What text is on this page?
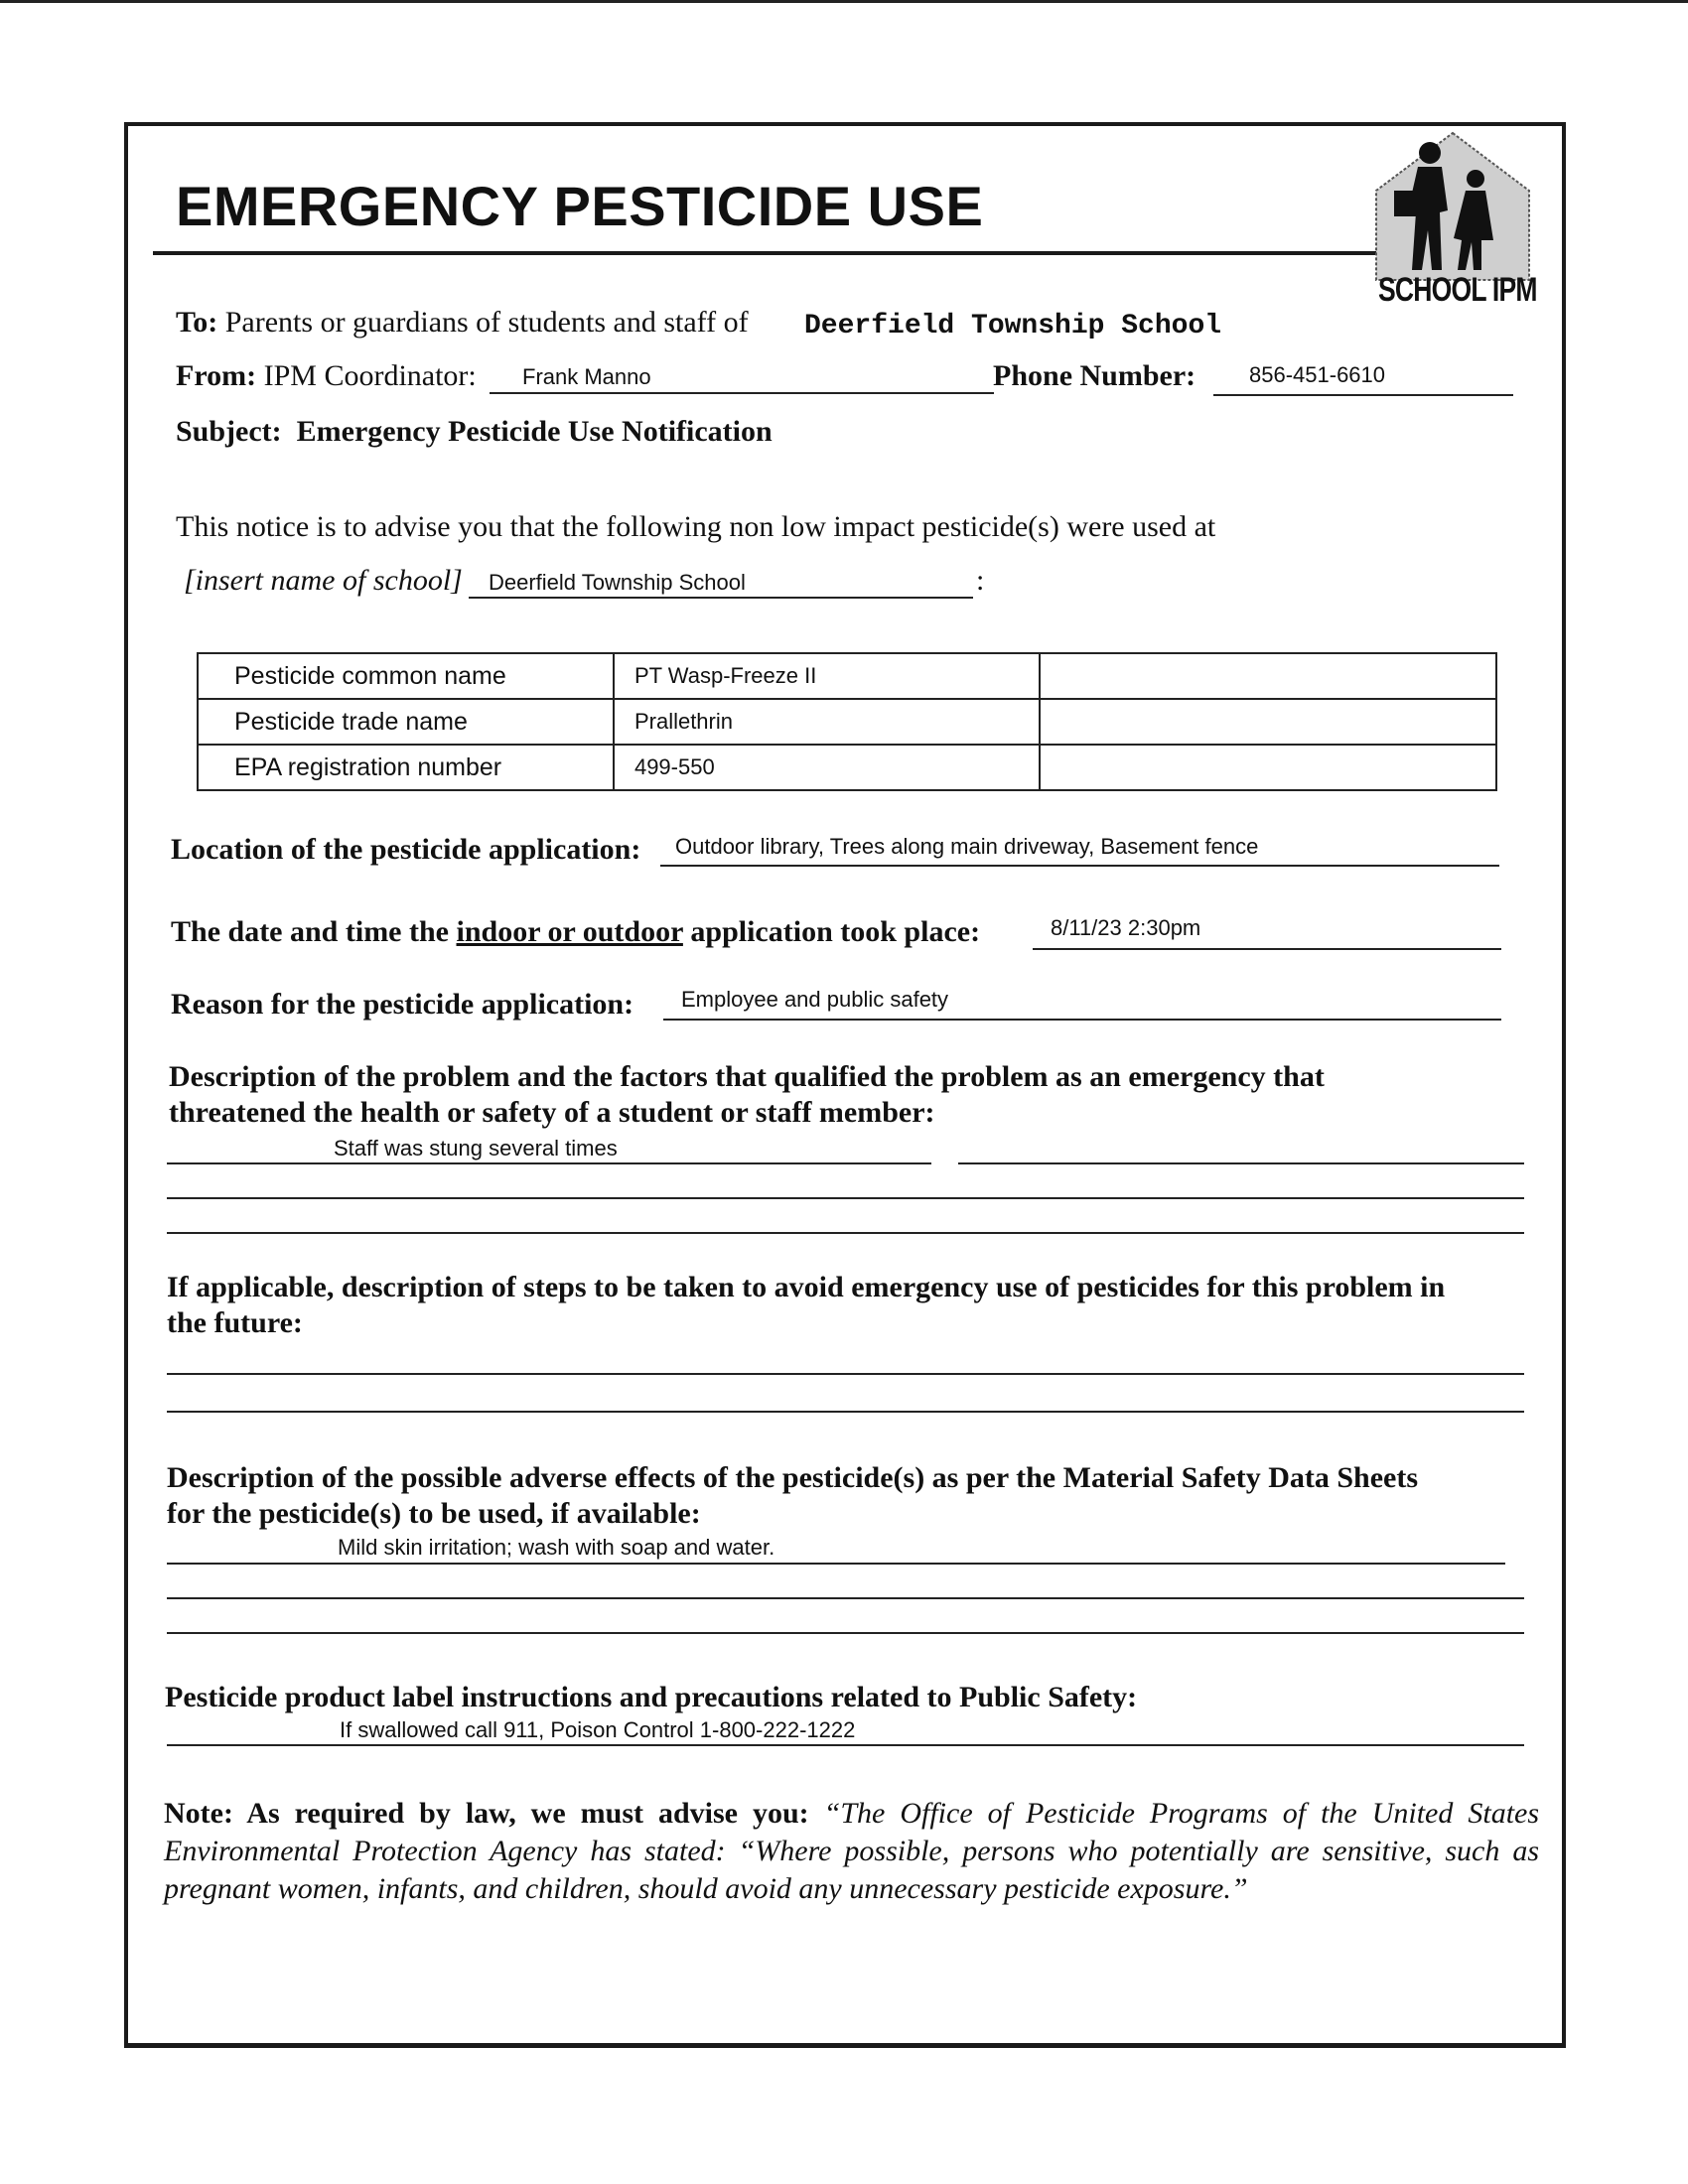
EMERGENCY PESTICIDE USE
SCHOOL IPM
To: Parents or guardians of students and staff of Deerfield Township School
From: IPM Coordinator: Frank Manno	Phone Number: 856-451-6610
Subject: Emergency Pesticide Use Notification
This notice is to advise you that the following non low impact pesticide(s) were used at
[insert name of school] Deerfield Township School	:
Pesticide common name	PT Wasp-Freeze II	
Pesticide trade name	Prallethrin	
EPA registration number	499-550	
Location of the pesticide application: Outdoor library, Trees along main driveway, Basement fence
The date and time the indoor or outdoor application took place:	8/11/23 2:30pm
Reason for the pesticide application: Employee and public safety
Description of the problem and the factors that qualified the problem as an emergency that
threatened the health or safety of a student or staff member:
Staff was stung several times
If applicable, description of steps to be taken to avoid emergency use of pesticides for this problem in
the future:
Description of the possible adverse effects of the pesticide(s) as per the Material Safety Data Sheets
for the pesticide(s) to be used, if available:
Mild skin irritation; wash with soap and water.
Pesticide product label instructions and precautions related to Public Safety:
If swallowed call 911, Poison Control 1-800-222-1222
Note: As required by law, we must advise you: “The Office of Pesticide Programs of the United States Environmental Protection Agency has stated: “Where possible, persons who potentially are sensitive, such as pregnant women, infants, and children, should avoid any unnecessary pesticide exposure.”
